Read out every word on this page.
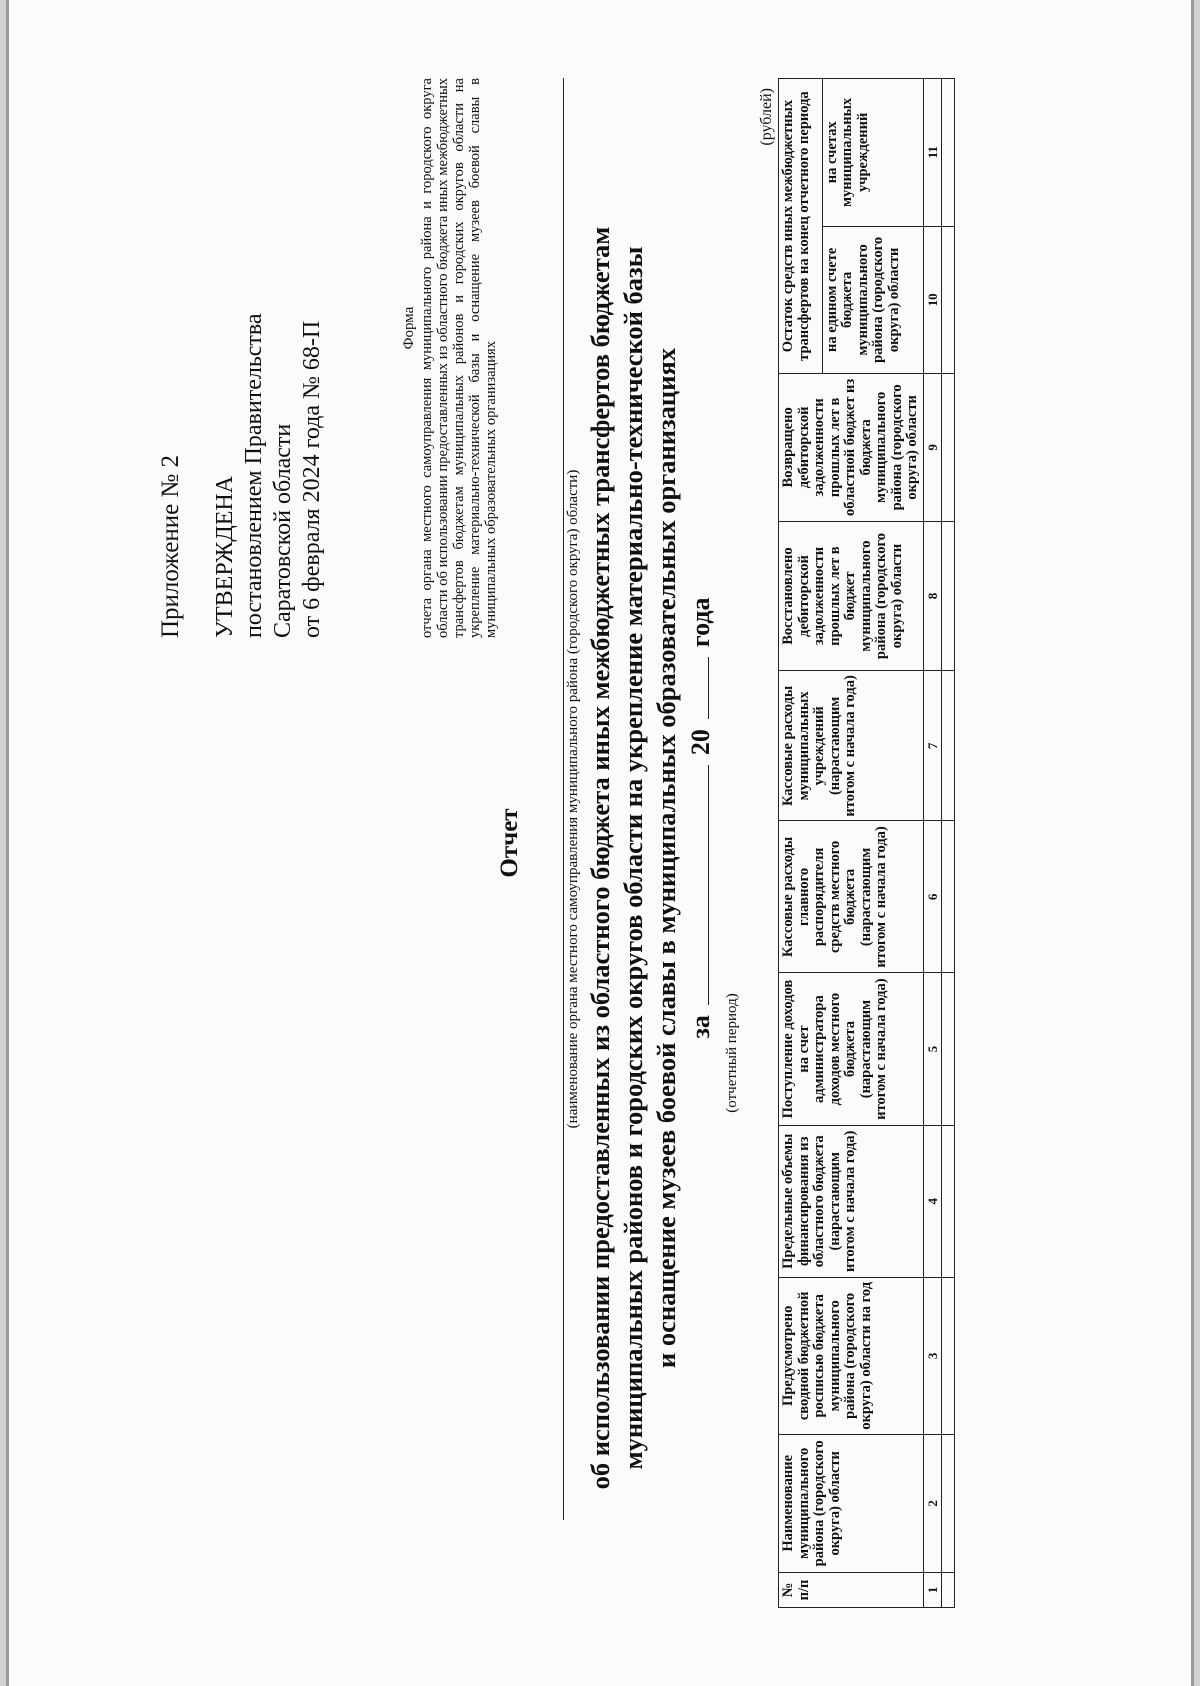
Приложение № 2 УТВЕРЖДЕНА постановлением Правительства Саратовской области от 6 февраля 2024 года № 68-П	Форма отчета органа местного самоуправления муниципального района и городского округа области об использовании предоставленных из областного бюджета иных межбюджетных трансфертов бюджетам муниципальных районов и городских округов области на укрепление материально-технической базы и оснащение музеев боевой славы в муниципальных образовательных организациях
Отчет	(наименование органа местного самоуправления муниципального района (городского округа) области) об использовании предоставленных из областного бюджета иных межбюджетных трансфертов бюджетам муниципальных районов и городских округов области на укрепление материально-технической базы и оснащение музеев боевой славы в муниципальных образовательных организациях за20года
(отчетный период)
(рублей)
№ п/п	Наименование муниципального района (городского округа) области	Предусмотрено сводной бюджетной росписью бюджета муниципального района (городского округа) области на год	Предельные объемы финансирования из областного бюджета (нарастающим итогом с начала года)	Поступление доходов на счет администратора доходов местного бюджета (нарастающим итогом с начала года)	Кассовые расходы главного распорядителя средств местного бюджета (нарастающим итогом с начала года)	Кассовые расходы муниципальных учреждений (нарастающим итогом с начала года)	Восстановлено дебиторской задолженности прошлых лет в бюджет муниципального района (городского округа) области	Возвращено дебиторской задолженности прошлых лет в областной бюджет из бюджета муниципального района (городского округа) области	Остаток средств иных межбюджетных трансфертов на конец отчетного периода	
									на едином счете бюджета муниципального района (городского округа) области	на счетах муниципальных учреждений
1	2	3	4	5	6	7	8	9	10	11
